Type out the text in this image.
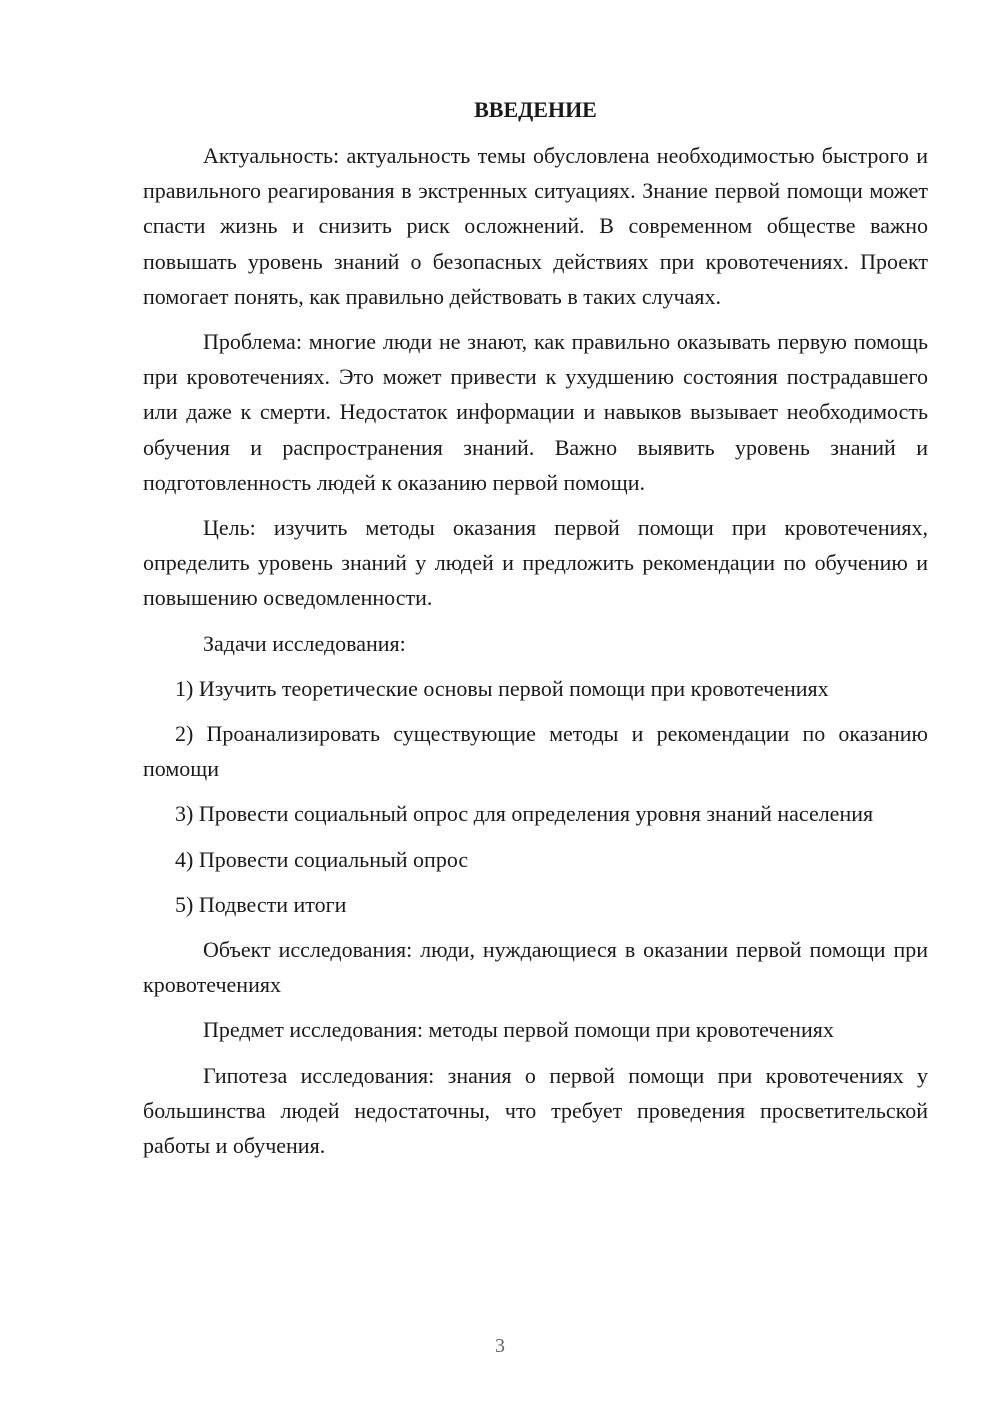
ВВЕДЕНИЕ

Актуальность: актуальность темы обусловлена необходимостью быстрого и правильного реагирования в экстренных ситуациях. Знание первой помощи может спасти жизнь и снизить риск осложнений. В современном обществе важно повышать уровень знаний о безопасных действиях при кровотечениях. Проект помогает понять, как правильно действовать в таких случаях.

Проблема: многие люди не знают, как правильно оказывать первую помощь при кровотечениях. Это может привести к ухудшению состояния пострадавшего или даже к смерти. Недостаток информации и навыков вызывает необходимость обучения и распространения знаний. Важно выявить уровень знаний и подготовленность людей к оказанию первой помощи.

Цель: изучить методы оказания первой помощи при кровотечениях, определить уровень знаний у людей и предложить рекомендации по обучению и повышению осведомленности.

Задачи исследования:

1) Изучить теоретические основы первой помощи при кровотечениях

2) Проанализировать существующие методы и рекомендации по оказанию помощи

3) Провести социальный опрос для определения уровня знаний населения

4) Провести социальный опрос

5) Подвести итоги

Объект исследования: люди, нуждающиеся в оказании первой помощи при кровотечениях

Предмет исследования: методы первой помощи при кровотечениях

Гипотеза исследования: знания о первой помощи при кровотечениях у большинства людей недостаточны, что требует проведения просветительской работы и обучения.

3
